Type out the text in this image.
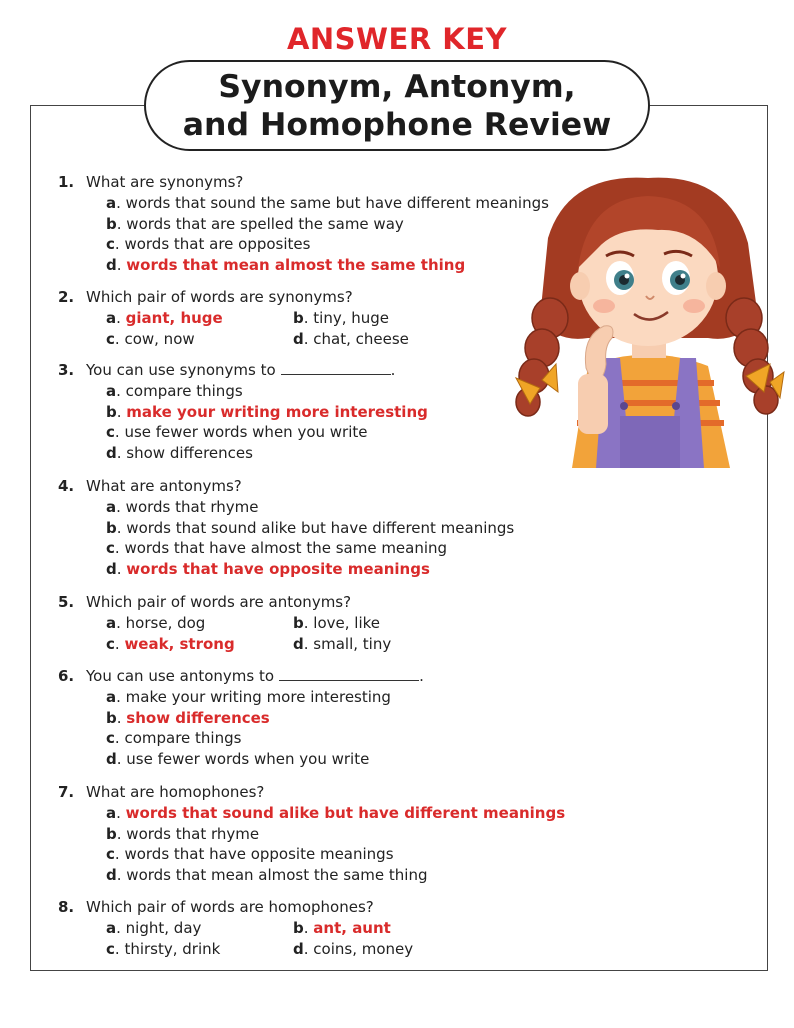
ANSWER KEY
Synonym, Antonym,
and Homophone Review
1. What are synonyms?
a. words that sound the same but have different meanings
b. words that are spelled the same way
c. words that are opposites
d. words that mean almost the same thing
2. Which pair of words are synonyms?
a. giant, huge	b. tiny, huge
c. cow, now	d. chat, cheese
3. You can use synonyms to	.
a. compare things
b. make your writing more interesting
c. use fewer words when you write
d. show differences
4. What are antonyms?
a. words that rhyme
b. words that sound alike but have different meanings
c. words that have almost the same meaning
d. words that have opposite meanings
5. Which pair of words are antonyms?
a. horse, dog	b. love, like
c. weak, strong	d. small, tiny
6. You can use antonyms to	.
a. make your writing more interesting
b. show differences
c. compare things
d. use fewer words when you write
7. What are homophones?
a. words that sound alike but have different meanings
b. words that rhyme
c. words that have opposite meanings
d. words that mean almost the same thing
8. Which pair of words are homophones?
a. night, day	b. ant, aunt
c. thirsty, drink	d. coins, money
